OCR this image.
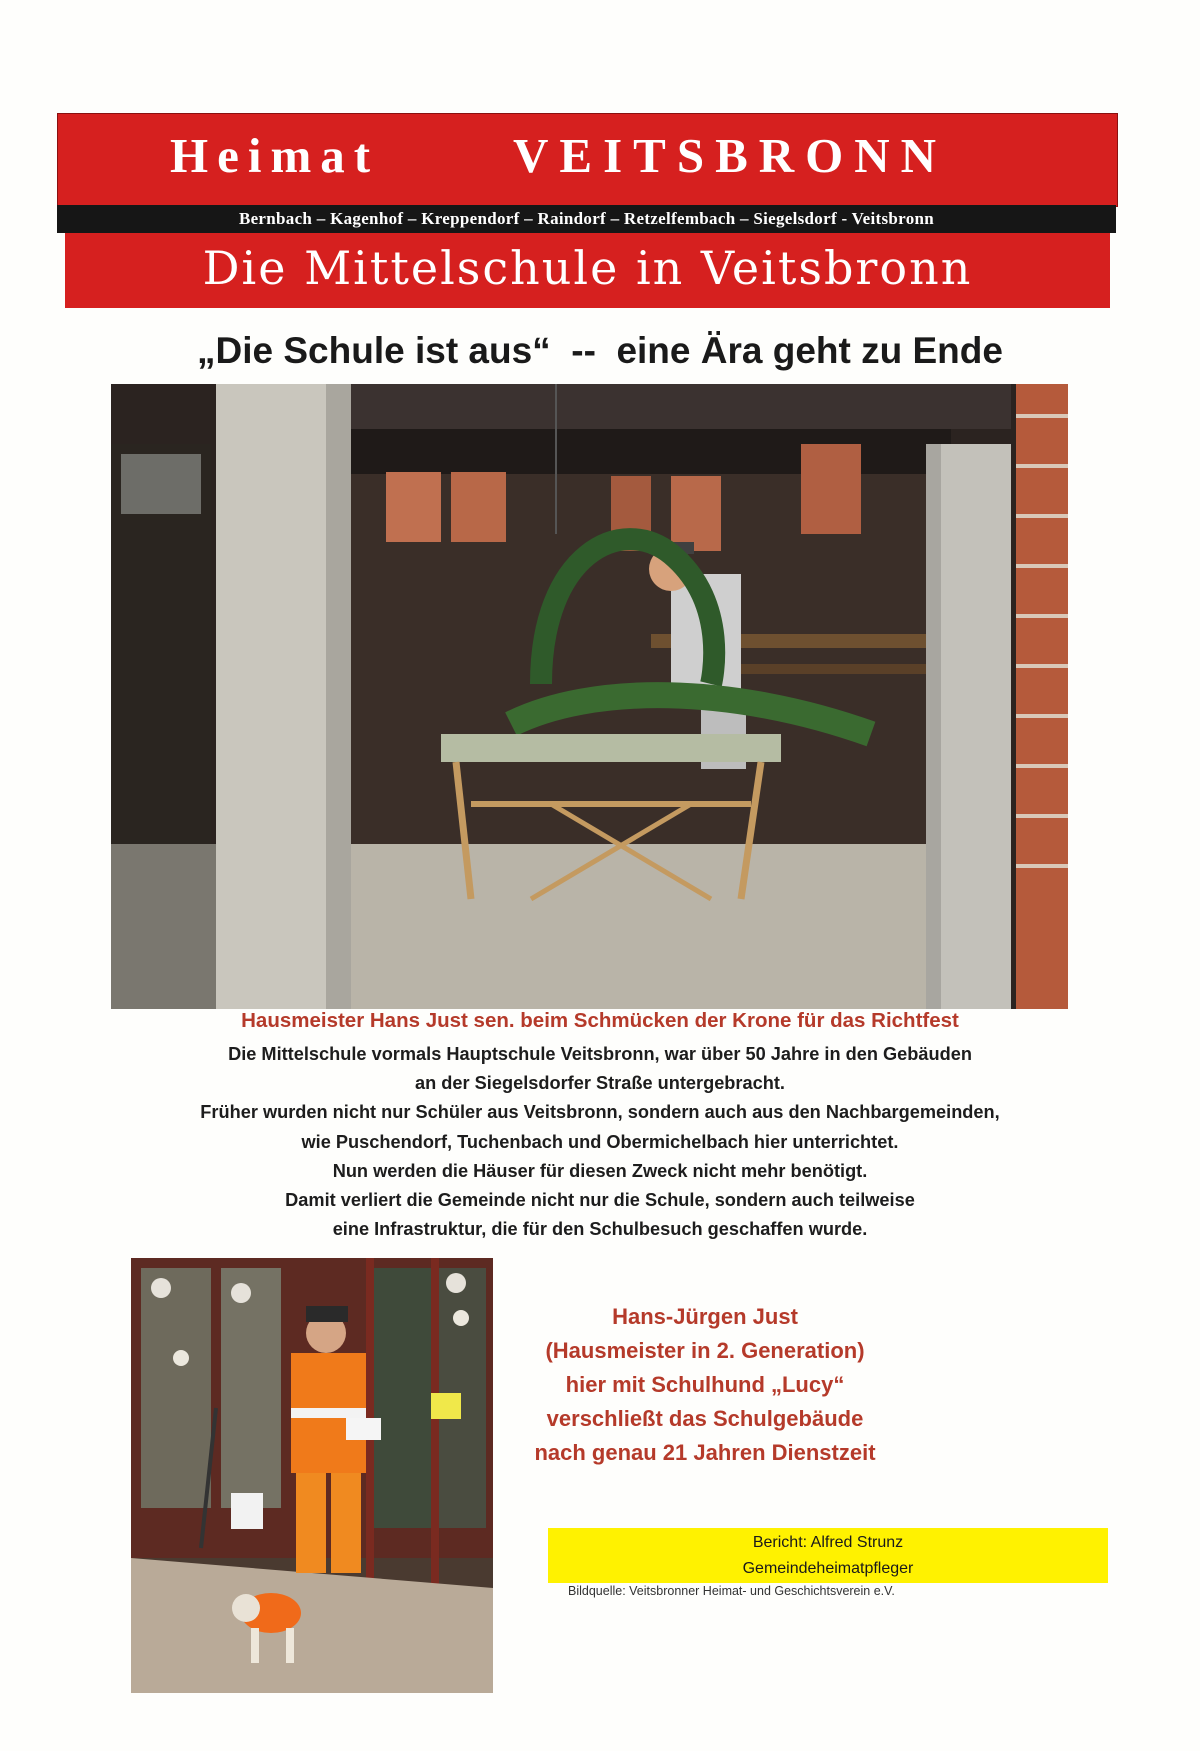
Heimat	VEITSBRONN
Bernbach – Kagenhof – Kreppendorf – Raindorf – Retzelfembach – Siegelsdorf - Veitsbronn
Die Mittelschule in Veitsbronn
„Die Schule ist aus“  --  eine Ära geht zu Ende
Hausmeister Hans Just sen. beim Schmücken der Krone für das Richtfest
Die Mittelschule vormals Hauptschule Veitsbronn, war über 50 Jahre in den Gebäuden
an der Siegelsdorfer Straße untergebracht.
Früher wurden nicht nur Schüler aus Veitsbronn, sondern auch aus den Nachbargemeinden,
wie Puschendorf, Tuchenbach und Obermichelbach hier unterrichtet.
Nun werden die Häuser für diesen Zweck nicht mehr benötigt.
Damit verliert die Gemeinde nicht nur die Schule, sondern auch teilweise
eine Infrastruktur, die für den Schulbesuch geschaffen wurde.
Hans-Jürgen Just
(Hausmeister in 2. Generation)
hier mit Schulhund „Lucy“
verschließt das Schulgebäude
nach genau 21 Jahren Dienstzeit
Bericht: Alfred Strunz
Gemeindeheimatpfleger
Bildquelle: Veitsbronner Heimat- und Geschichtsverein e.V.
